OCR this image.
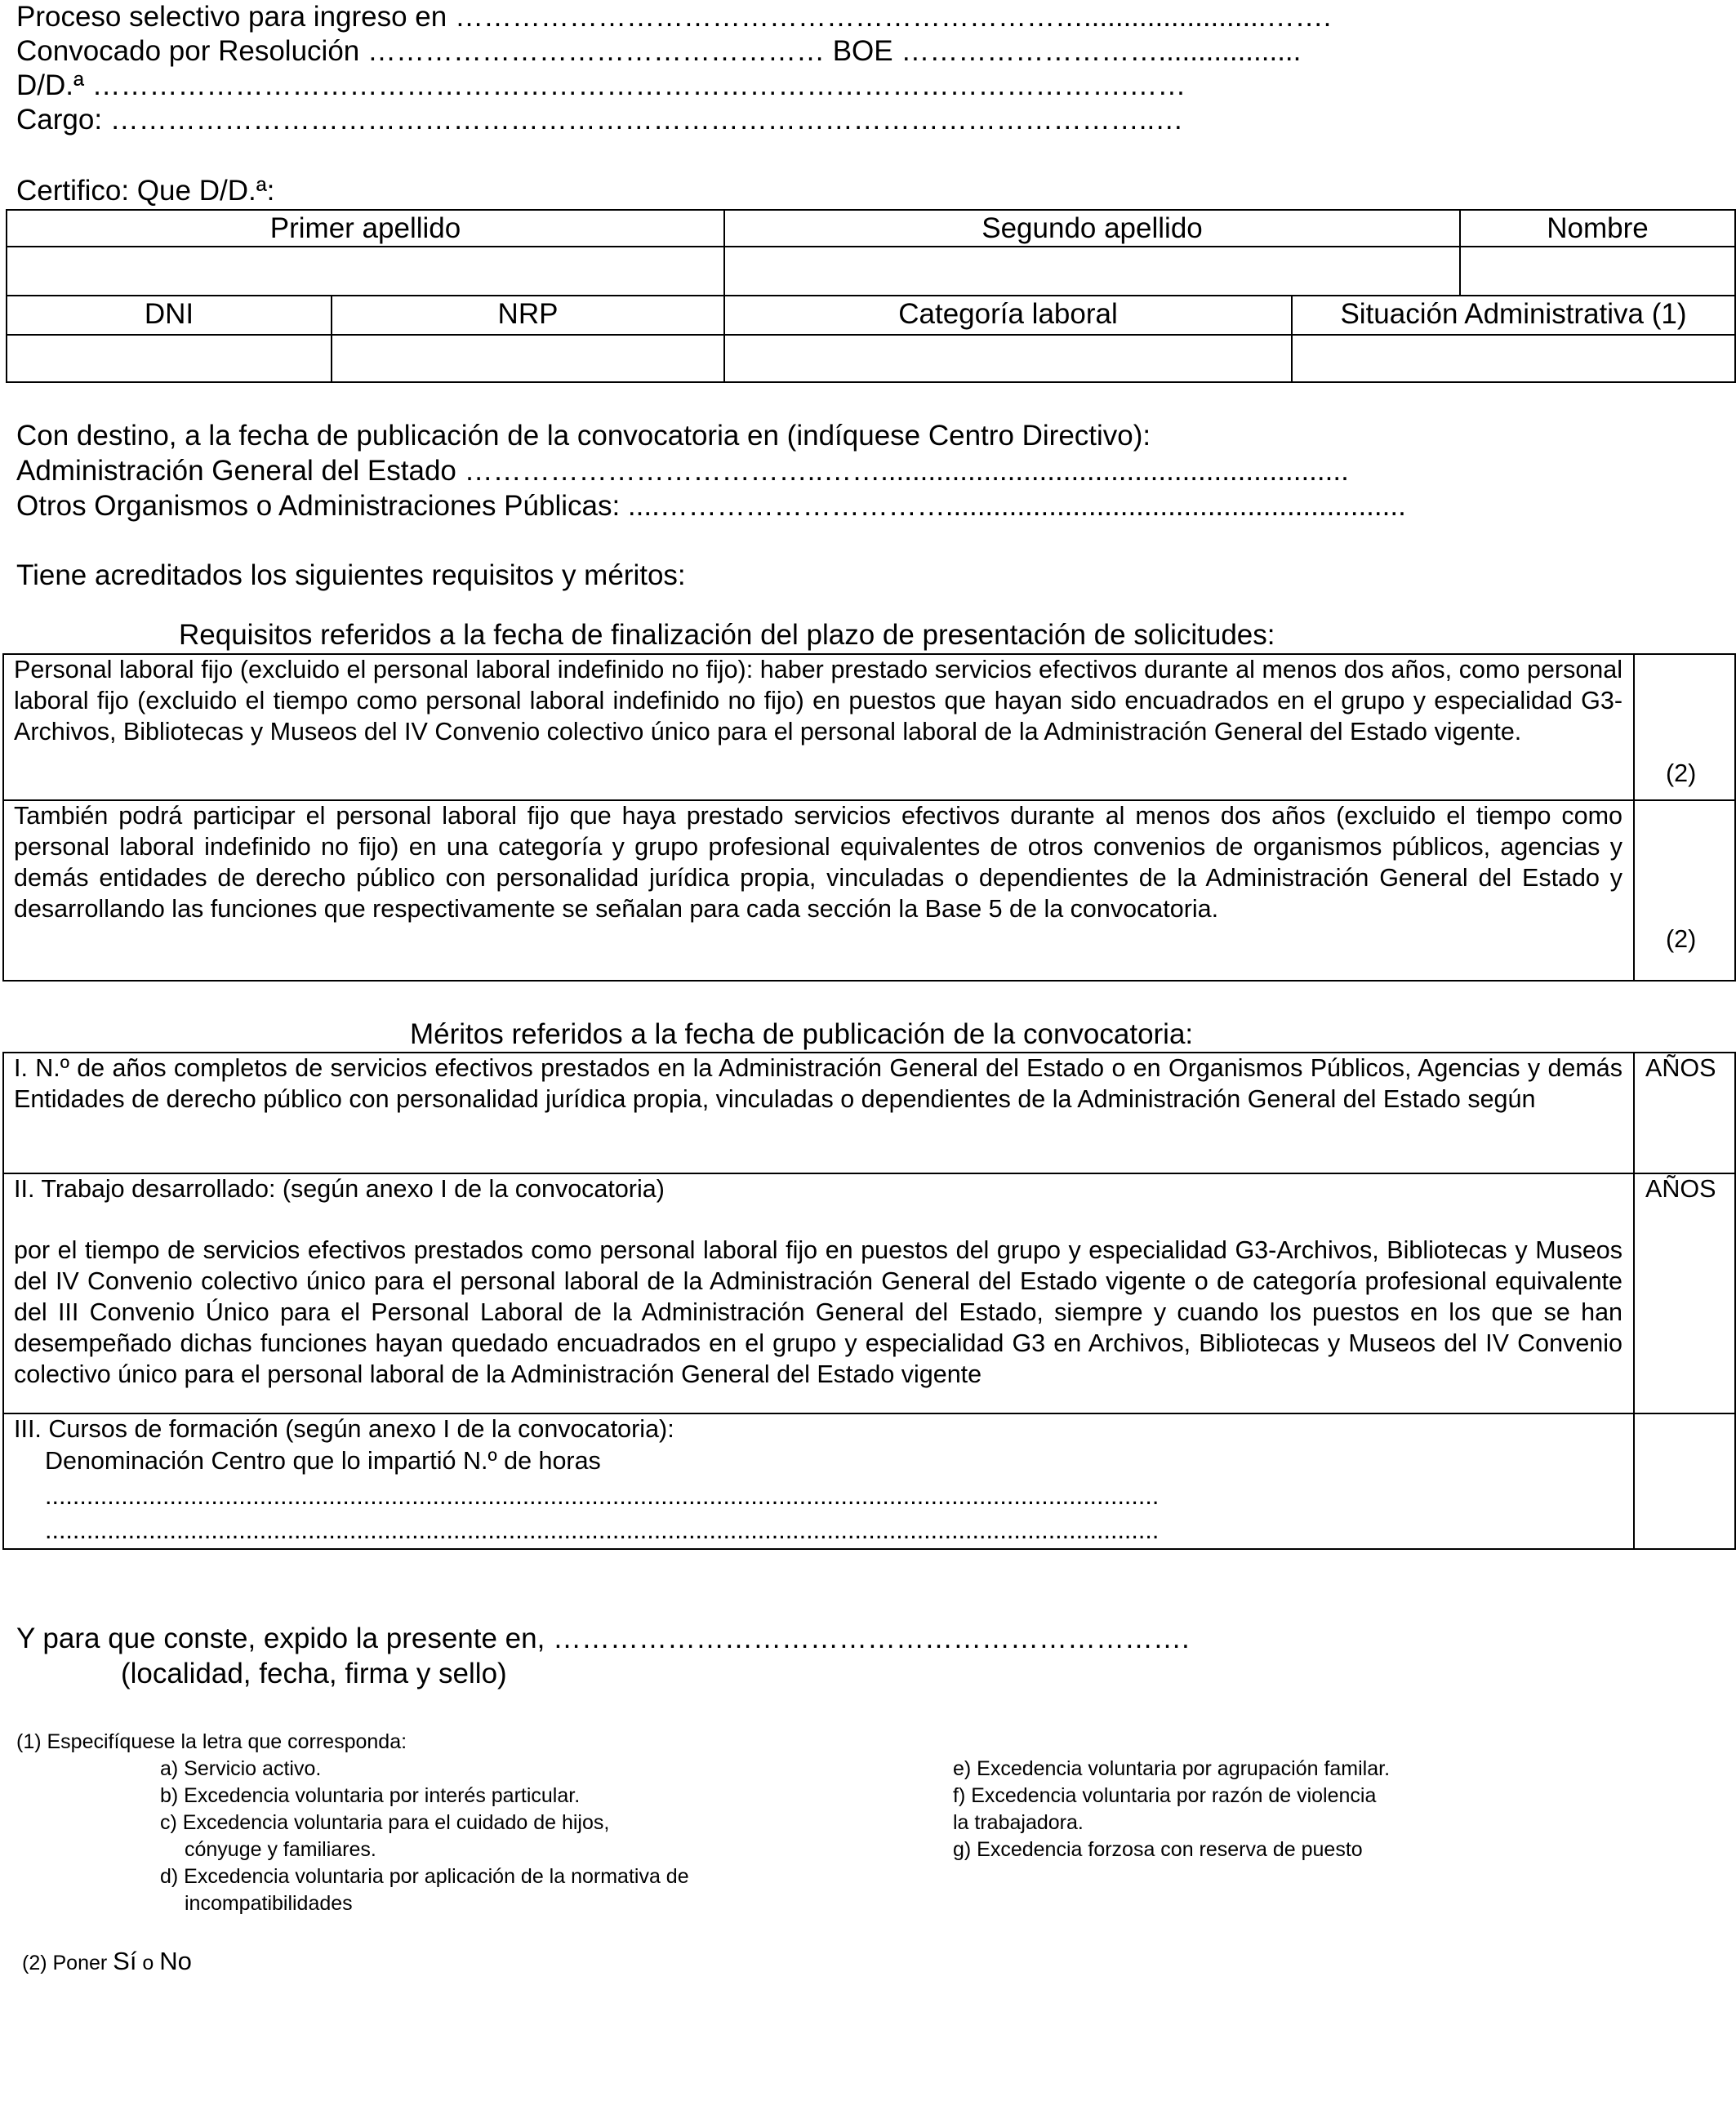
Proceso selectivo para ingreso en ………………………………………………………….......................…….
Convocado por Resolución ………………………………………… BOE ………………………..................
D/D.ª ……………………………………………………………………………………………….……
Cargo: ………………………………………………………………………………………………..…
Certifico: Que D/D.ª:
Primer apellido	Segundo apellido	Nombre
DNI	NRP	Categoría laboral	Situación Administrativa (1)
Con destino, a la fecha de publicación de la convocatoria en (indíquese Centro Directivo):
Administración General del Estado ………………………………..……...........................................................
Otros Organismos o Administraciones Públicas: ....…………………………..........................................................
Tiene acreditados los siguientes requisitos y méritos:
Requisitos referidos a la fecha de finalización del plazo de presentación de solicitudes:
Personal laboral fijo (excluido el personal laboral indefinido no fijo): haber prestado servicios efectivos durante al menos dos años, como personal laboral fijo (excluido el tiempo como personal laboral indefinido no fijo) en puestos que hayan sido encuadrados en el grupo y especialidad G3- Archivos, Bibliotecas y Museos del IV Convenio colectivo único para el personal laboral de la Administración General del Estado vigente.
(2)
También podrá participar el personal laboral fijo que haya prestado servicios efectivos durante al menos dos años (excluido el tiempo como personal laboral indefinido no fijo) en una categoría y grupo profesional equivalentes de otros convenios de organismos públicos, agencias y demás entidades de derecho público con personalidad jurídica propia, vinculadas o dependientes de la Administración General del Estado y desarrollando las funciones que respectivamente se señalan para cada sección la Base 5 de la convocatoria.
(2)
Méritos referidos a la fecha de publicación de la convocatoria:
I. N.º de años completos de servicios efectivos prestados en la Administración General del Estado o en Organismos Públicos, Agencias y demás Entidades de derecho público con personalidad jurídica propia, vinculadas o dependientes de la Administración General del Estado según
AÑOS
II. Trabajo desarrollado: (según anexo I de la convocatoria)	AÑOS
por el tiempo de servicios efectivos prestados como personal laboral fijo en puestos del grupo y especialidad G3-Archivos, Bibliotecas y Museos del IV Convenio colectivo único para el personal laboral de la Administración General del Estado vigente o de categoría profesional equivalente del III Convenio Único para el Personal Laboral de la Administración General del Estado, siempre y cuando los puestos en los que se han desempeñado dichas funciones hayan quedado encuadrados en el grupo y especialidad G3 en Archivos, Bibliotecas y Museos del IV Convenio colectivo único para el personal laboral de la Administración General del Estado vigente
III. Cursos de formación (según anexo I de la convocatoria):
Denominación Centro que lo impartió N.º de horas
.................................................................................................................................................................
.................................................................................................................................................................
Y para que conste, expido la presente en, ………………………………………………………….
(localidad, fecha, firma y sello)
(1) Especifíquese la letra que corresponda:
a) Servicio activo.
b) Excedencia voluntaria por interés particular.
c) Excedencia voluntaria para el cuidado de hijos,
cónyuge y familiares.
d) Excedencia voluntaria por aplicación de la normativa de
incompatibilidades
e) Excedencia voluntaria por agrupación familar.
f) Excedencia voluntaria por razón de violencia
la trabajadora.
g) Excedencia forzosa con reserva de puesto
(2) Poner Sí o No
